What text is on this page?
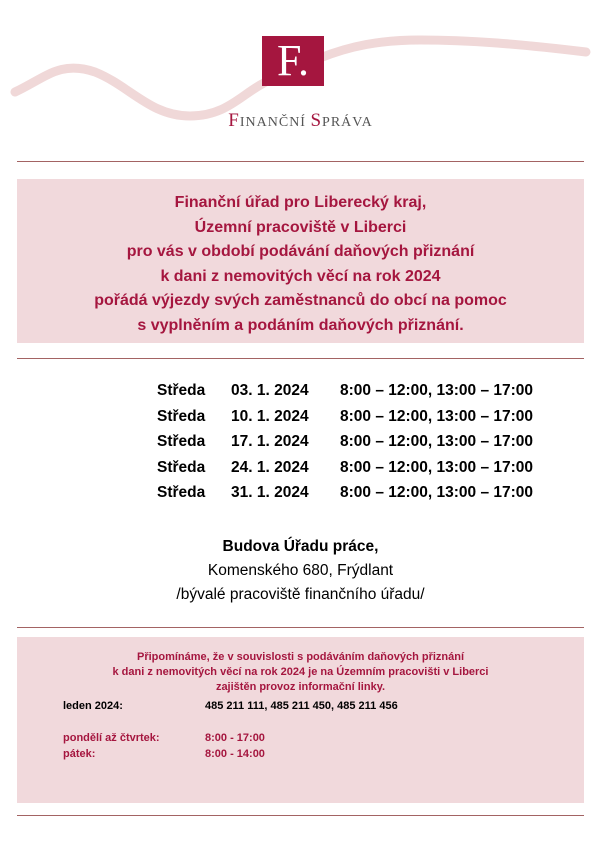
F.
FINANČNÍ SPRÁVA
Finanční úřad pro Liberecký kraj,
Územní pracoviště v Liberci
pro vás v období podávání daňových přiznání
k dani z nemovitých věcí na rok 2024
pořádá výjezdy svých zaměstnanců do obcí na pomoc
s vyplněním a podáním daňových přiznání.
Středa 03. 1. 2024 8:00 – 12:00, 13:00 – 17:00
Středa 10. 1. 2024 8:00 – 12:00, 13:00 – 17:00
Středa 17. 1. 2024 8:00 – 12:00, 13:00 – 17:00
Středa 24. 1. 2024 8:00 – 12:00, 13:00 – 17:00
Středa 31. 1. 2024 8:00 – 12:00, 13:00 – 17:00
Budova Úřadu práce,
Komenského 680, Frýdlant
/bývalé pracoviště finančního úřadu/
Připomínáme, že v souvislosti s podáváním daňových přiznání
k dani z nemovitých věcí na rok 2024 je na Územním pracovišti v Liberci
zajištěn provoz informační linky.
leden 2024:	485 211 111, 485 211 450, 485 211 456
pondělí až čtvrtek:	8:00 - 17:00
pátek:	8:00 - 14:00
